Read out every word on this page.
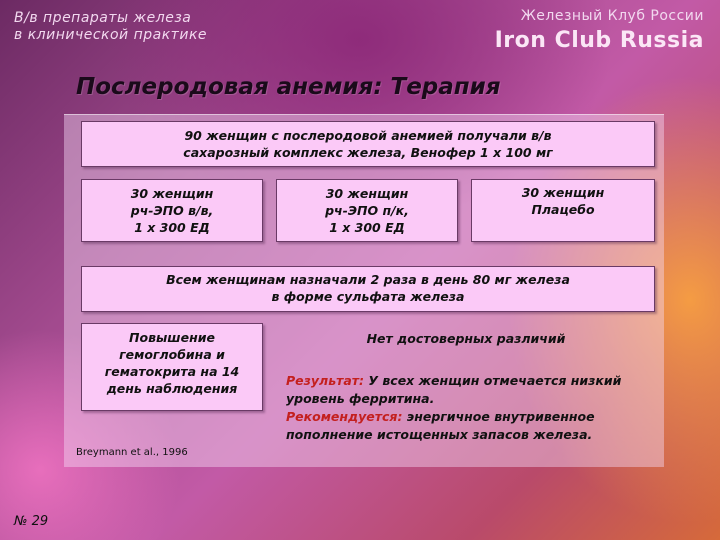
В/в препараты железа
в клинической практике
Железный Клуб России
Iron Club Russia
Послеродовая анемия: Терапия
90 женщин с послеродовой анемией получали в/в
сахарозный комплекс железа, Венофер 1 х 100 мг
30 женщин
рч-ЭПО в/в,
1 х 300 ЕД
30 женщин
рч-ЭПО п/к,
1 х 300 ЕД
30 женщин
Плацебо
Всем женщинам назначали 2 раза в день 80 мг железа
в форме сульфата железа
Повышение
гемоглобина и
гематокрита на 14
день наблюдения
Нет достоверных различий
Результат: У всех женщин отмечается низкий уровень ферритина.
Рекомендуется: энергичное внутривенное пополнение истощенных запасов железа.
Breymann et al., 1996
№ 29
